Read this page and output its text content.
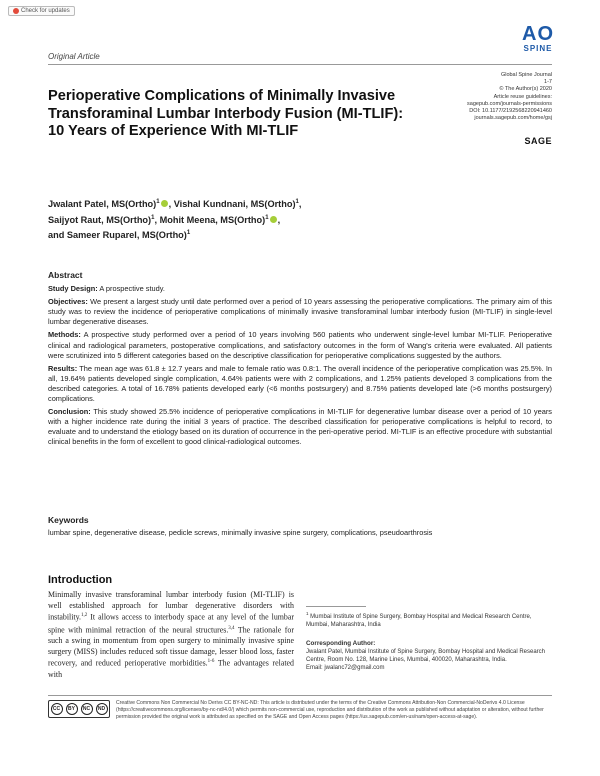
Check for updates
Original Article
AO
SPINE
Global Spine Journal
1-7
© The Author(s) 2020
Article reuse guidelines:
sagepub.com/journals-permissions
DOI: 10.1177/2192568220941460
journals.sagepub.com/home/gsj
SAGE
Perioperative Complications of Minimally Invasive Transforaminal Lumbar Interbody Fusion (MI-TLIF): 10 Years of Experience With MI-TLIF
Jwalant Patel, MS(Ortho)$^1$ , Vishal Kundnani, MS(Ortho)$^1$,
Saijyot Raut, MS(Ortho)$^1$, Mohit Meena, MS(Ortho)$^1$ ,
and Sameer Ruparel, MS(Ortho)$^1$
Abstract

Study Design: A prospective study.

Objectives: We present a largest study until date performed over a period of 10 years assessing the perioperative complications. The primary aim of this study was to review the incidence of perioperative complications of minimally invasive transforaminal lumbar interbody fusion (MI-TLIF) in single-level lumbar degenerative diseases.

Methods: A prospective study performed over a period of 10 years involving 560 patients who underwent single-level lumbar MI-TLIF. Perioperative clinical and radiological parameters, postoperative complications, and satisfactory outcomes in the form of Wang's criteria were evaluated. All patients were scrutinized into 5 different categories based on the descriptive classification for perioperative complications suggested by the authors.

Results: The mean age was 61.8 ± 12.7 years and male to female ratio was 0.8:1. The overall incidence of the perioperative complication was 25.5%. In all, 19.64% patients developed single complication, 4.64% patients were with 2 complications, and 1.25% patients developed 3 complications from the described categories. A total of 16.78% patients developed early (<6 months postsurgery) and 8.75% patients developed late (>6 months postsurgery) complications.

Conclusion: This study showed 25.5% incidence of perioperative complications in MI-TLIF for degenerative lumbar disease over a period of 10 years with a higher incidence rate during the initial 3 years of practice. The described classification for perioperative complications is helpful to record, to evaluate and to understand the etiology based on its duration of occurrence in the peri-operative period. MI-TLIF is an effective procedure with substantial clinical benefits in the form of excellent to good clinical-radiological outcomes.

Keywords
lumbar spine, degenerative disease, pedicle screws, minimally invasive spine surgery, complications, pseudoarthrosis
Introduction
Minimally invasive transforaminal lumbar interbody fusion (MI-TLIF) is well established approach for lumbar degenerative disorders with instability.$^{1,2}$ It allows access to interbody space at any level of the lumbar spine with minimal retraction of the neural structures.$^{3,4}$ The rationale for such a swing in momentum from open surgery to minimally invasive spine surgery (MISS) includes reduced soft tissue damage, lesser blood loss, faster recovery, and reduced perioperative morbidities.$^{1-6}$ The advantages related with
$^1$ Mumbai Institute of Spine Surgery, Bombay Hospital and Medical Research Centre, Mumbai, Maharashtra, India
Corresponding Author:
Jwalant Patel, Mumbai Institute of Spine Surgery, Bombay Hospital and Medical Research Centre, Room No. 128, Marine Lines, Mumbai, 400020, Maharashtra, India.
Email: jwalanc72@gmail.com
CC	BY	NC	ND
Creative Commons Non Commercial No Derivs CC BY-NC-ND: This article is distributed under the terms of the Creative Commons Attribution-Non Commercial-NoDerivs 4.0 License (https://creativecommons.org/licenses/by-nc-nd/4.0/) which permits non-commercial use, reproduction and distribution of the work as published without adaptation or alteration, without further permission provided the original work is attributed as specified on the SAGE and Open Access pages (https://us.sagepub.com/en-us/nam/open-access-at-sage).
